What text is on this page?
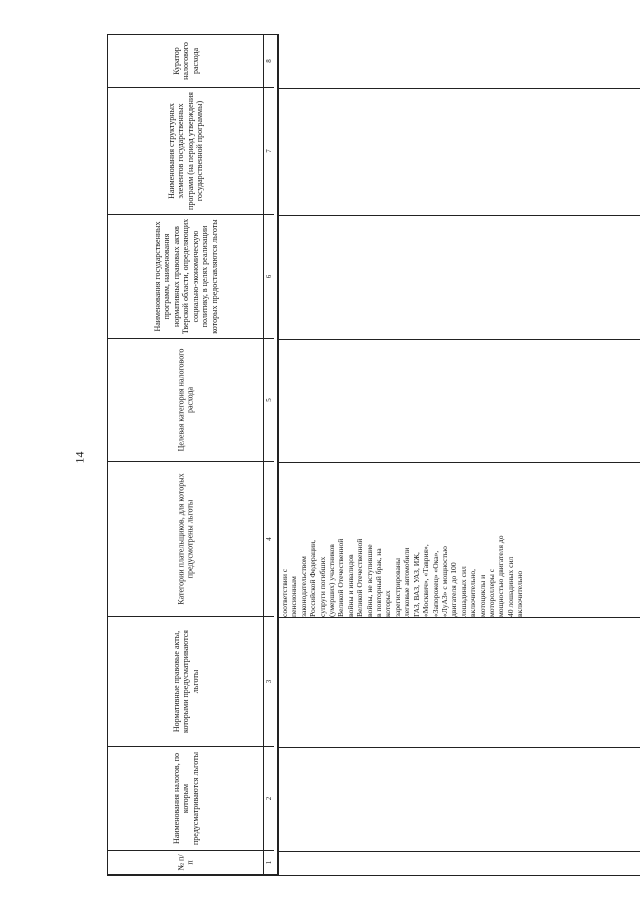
14
№ п/п
Наименования налогов, по которым предусматриваются льготы
Нормативные правовые акты, которыми предусматриваются льготы
Категории плательщиков, для которых предусмотрены льготы
Целевая категория налогового расхода
Наименования государственных программ, наименования нормативных правовых актов Тверской области, определяющих социально-экономическую политику, в целях реализации которых предоставляются льготы
Наименования структурных элементов государственных программ (на период утверждения государственной программы)
Куратор налогового расхода
1
2
3
4
5
6
7
8
соответствии с пенсионным законодательством Российской Федерации, супруги погибших (умерших) участников Великой Отечественной войны и инвалидов Великой Отечественной войны, не вступившие в повторный брак, на которых зарегистрированы легковые автомобили ГАЗ, ВАЗ, УАЗ, ИЖ, «Москвич», «Таврия», «Запорожец» «Ока», «ЛуАЗ» с мощностью двигателя до 100 лошадиных сил включительно, мотоциклы и мотороллеры с мощностью двигателя до 40 лошадиных сил включительно
